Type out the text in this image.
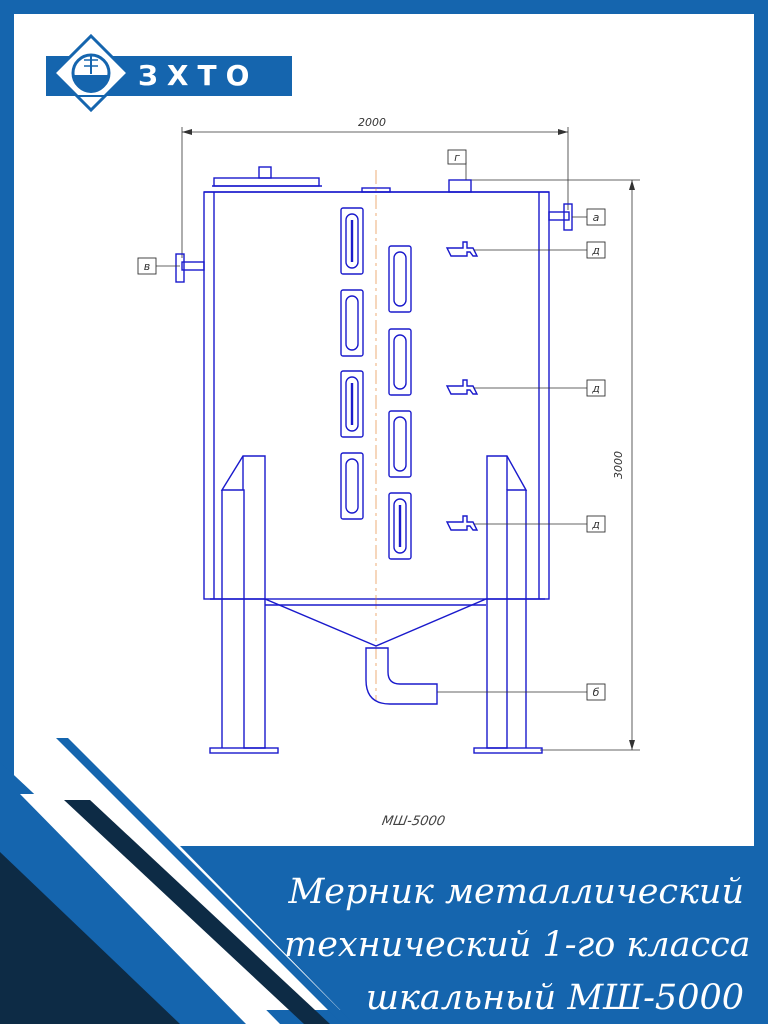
ЗХТО
2000
3000
г
а
в
д
д
д
б
МШ-5000
Мерник металлический
технический 1-го класса
шкальный МШ-5000
